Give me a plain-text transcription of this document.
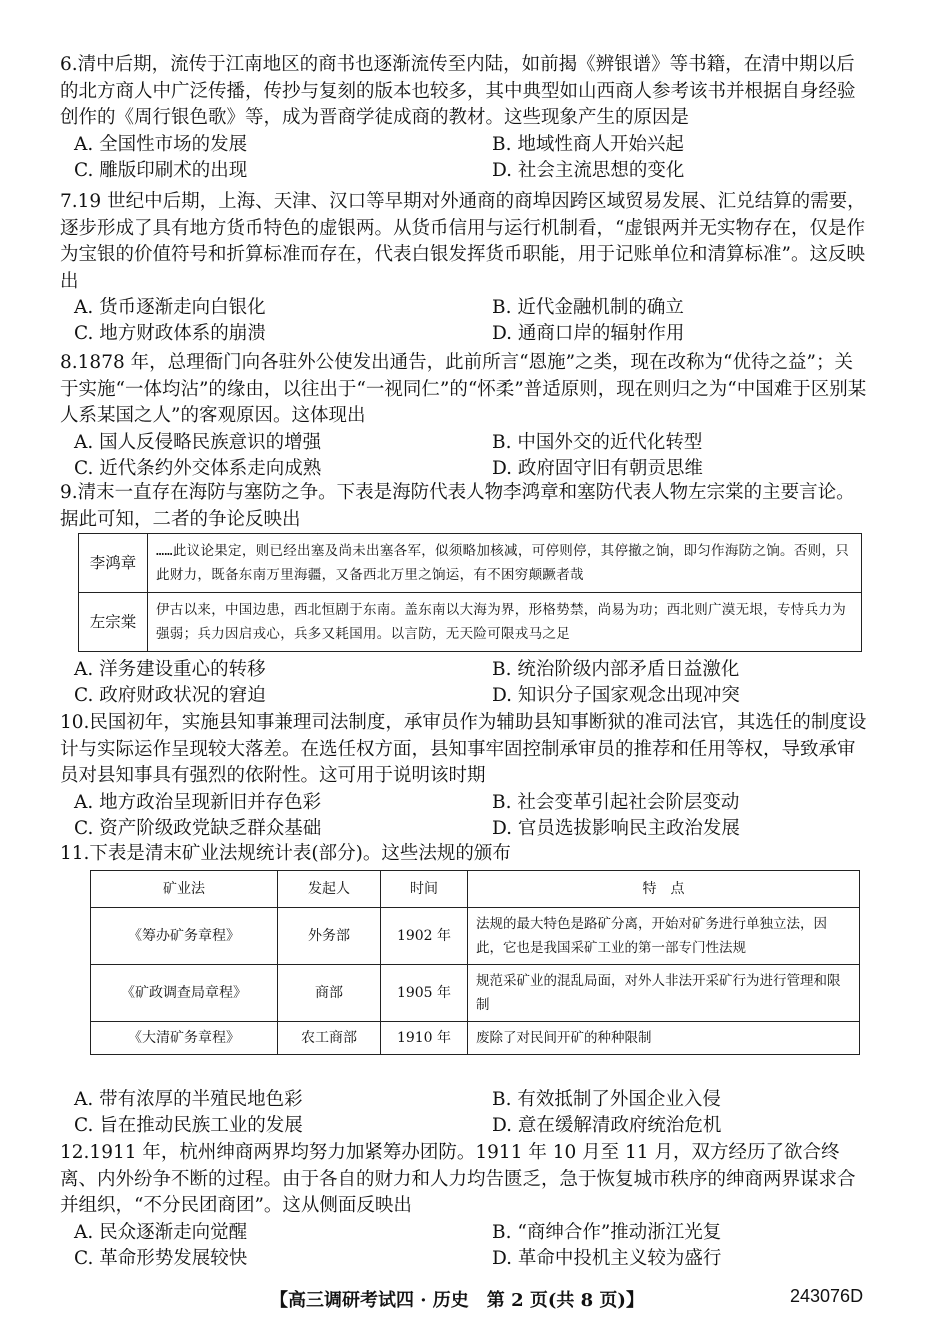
6.清中后期，流传于江南地区的商书也逐渐流传至内陆，如前揭《辨银谱》等书籍，在清中期以后的北方商人中广泛传播，传抄与复刻的版本也较多，其中典型如山西商人参考该书并根据自身经验创作的《周行银色歌》等，成为晋商学徒成商的教材。这些现象产生的原因是
A. 全国性市场的发展	B. 地域性商人开始兴起
C. 雕版印刷术的出现	D. 社会主流思想的变化
7.19 世纪中后期，上海、天津、汉口等早期对外通商的商埠因跨区域贸易发展、汇兑结算的需要，逐步形成了具有地方货币特色的虚银两。从货币信用与运行机制看，“虚银两并无实物存在，仅是作为宝银的价值符号和折算标准而存在，代表白银发挥货币职能，用于记账单位和清算标准”。这反映出
A. 货币逐渐走向白银化	B. 近代金融机制的确立
C. 地方财政体系的崩溃	D. 通商口岸的辐射作用
8.1878 年，总理衙门向各驻外公使发出通告，此前所言“恩施”之类，现在改称为“优待之益”；关于实施“一体均沾”的缘由，以往出于“一视同仁”的“怀柔”普适原则，现在则归之为“中国难于区别某人系某国之人”的客观原因。这体现出
A. 国人反侵略民族意识的增强	B. 中国外交的近代化转型
C. 近代条约外交体系走向成熟	D. 政府固守旧有朝贡思维
9.清末一直存在海防与塞防之争。下表是海防代表人物李鸿章和塞防代表人物左宗棠的主要言论。据此可知，二者的争论反映出
李鸿章	……此议论果定，则已经出塞及尚未出塞各军，似须略加核减，可停则停，其停撤之饷，即匀作海防之饷。否则，只此财力，既备东南万里海疆，又备西北万里之饷运，有不困穷颠蹶者哉
左宗棠	伊古以来，中国边患，西北恒剧于东南。盖东南以大海为界，形格势禁，尚易为功；西北则广漠无垠，专恃兵力为强弱；兵力因启戎心，兵多又耗国用。以言防，无天险可限戎马之足
A. 洋务建设重心的转移	B. 统治阶级内部矛盾日益激化
C. 政府财政状况的窘迫	D. 知识分子国家观念出现冲突
10.民国初年，实施县知事兼理司法制度，承审员作为辅助县知事断狱的准司法官，其选任的制度设计与实际运作呈现较大落差。在选任权方面，县知事牢固控制承审员的推荐和任用等权，导致承审员对县知事具有强烈的依附性。这可用于说明该时期
A. 地方政治呈现新旧并存色彩	B. 社会变革引起社会阶层变动
C. 资产阶级政党缺乏群众基础	D. 官员选拔影响民主政治发展
11.下表是清末矿业法规统计表(部分)。这些法规的颁布
矿业法	发起人	时间	特　点
《筹办矿务章程》	外务部	1902 年	法规的最大特色是路矿分离，开始对矿务进行单独立法，因此，它也是我国采矿工业的第一部专门性法规
《矿政调查局章程》	商部	1905 年	规范采矿业的混乱局面，对外人非法开采矿行为进行管理和限制
《大清矿务章程》	农工商部	1910 年	废除了对民间开矿的种种限制
A. 带有浓厚的半殖民地色彩	B. 有效抵制了外国企业入侵
C. 旨在推动民族工业的发展	D. 意在缓解清政府统治危机
12.1911 年，杭州绅商两界均努力加紧筹办团防。1911 年 10 月至 11 月，双方经历了欲合终离、内外纷争不断的过程。由于各自的财力和人力均告匮乏，急于恢复城市秩序的绅商两界谋求合并组织，“不分民团商团”。这从侧面反映出
A. 民众逐渐走向觉醒	B. “商绅合作”推动浙江光复
C. 革命形势发展较快	D. 革命中投机主义较为盛行
【高三调研考试四 · 历史　第 2 页(共 8 页)】	243076D
